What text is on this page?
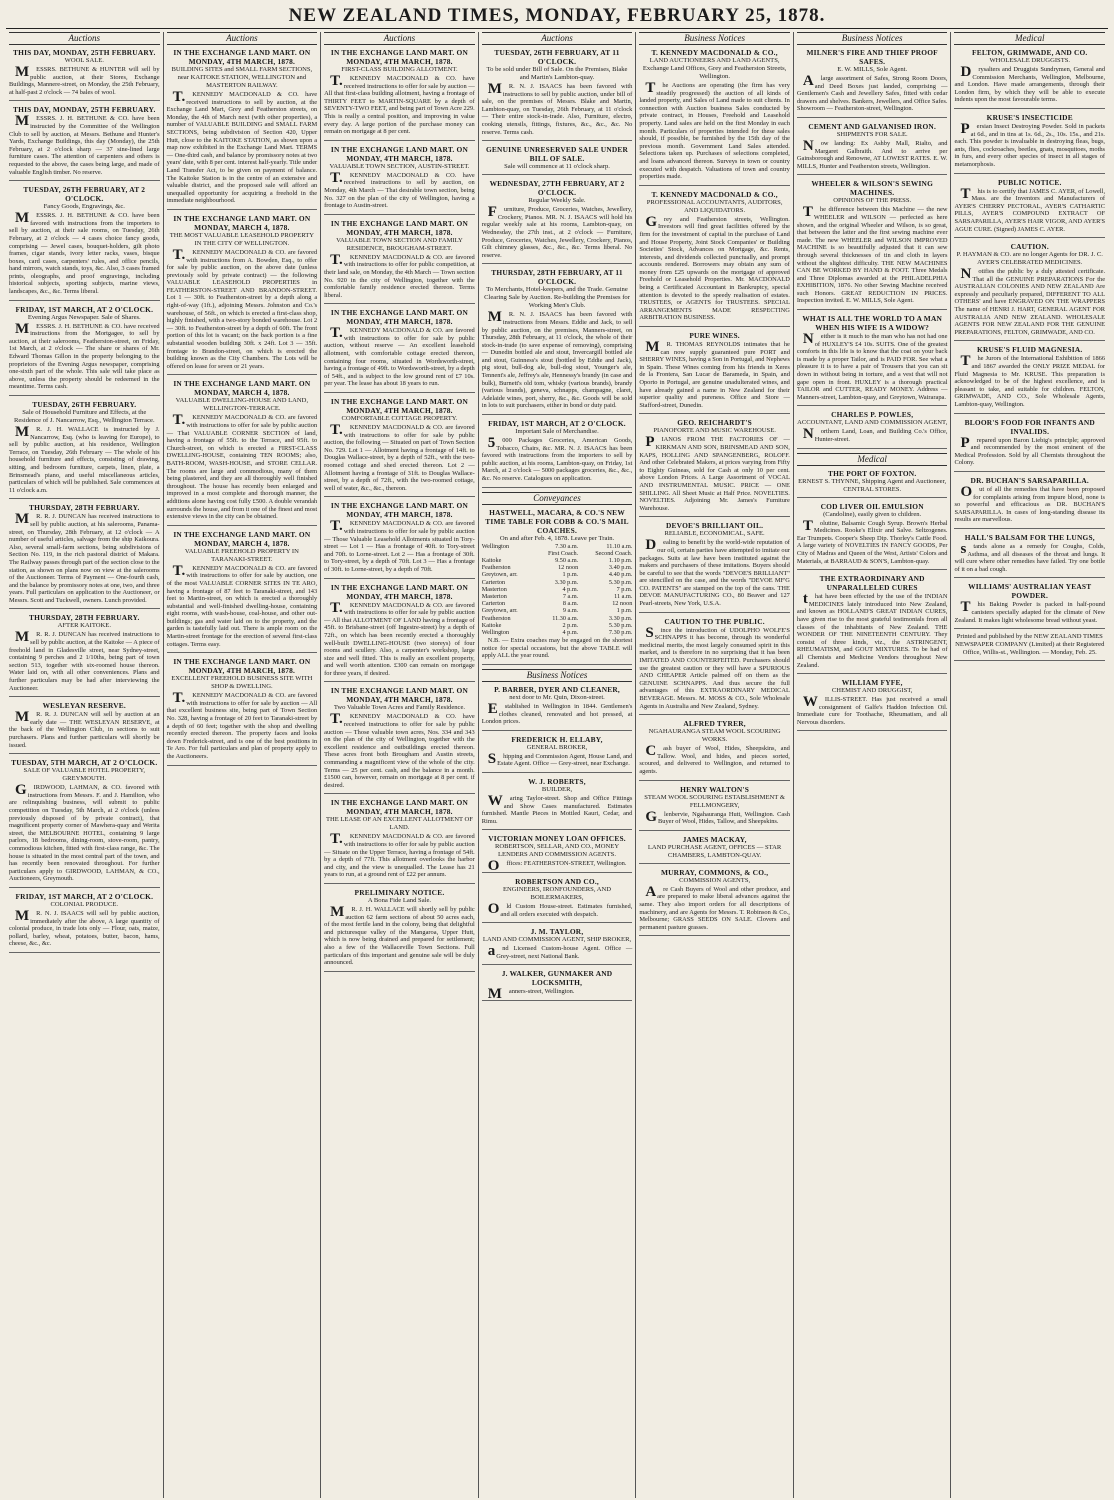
NEW ZEALAND TIMES, MONDAY, FEBRUARY 25, 1878.
Auctions
THIS DAY, MONDAY, 25TH FEBRUARY.
WOOL SALE.

MESSRS. BETHUNE & HUNTER will sell by public auction, at their Stores, Exchange Buildings, Mannere-street, on Monday, the 25th February, at half-past 2 o'clock — 74 bales of wool.

THIS DAY, MONDAY, 25TH FEBRUARY.

MESSRS. J. H. BETHUNE & CO. have been instructed by the Committee of the Wellington Club to sell by auction, at Messrs. Bethune and Hunter's Yards, Exchange Buildings, this day (Monday), the 25th February, at 2 o'clock sharp — 37 sine-lined large furniture cases. The attention of carpenters and others is requested to the above, the cases being large, and made of valuable English timber. No reserve.

TUESDAY, 26TH FEBRUARY, AT 2 O'CLOCK.
Fancy Goods, Engravings, &c.

MESSRS. J. H. BETHUNE & CO. have been favored with instructions from the importers to sell by auction, at their sale rooms, on Tuesday, 26th February, at 2 o'clock — 4 cases choice fancy goods, comprising — Jewel cases, bouquet-holders, gilt photo frames, cigar stands, ivory letter racks, vases, bisque boxes, card cases, carpenters' rules, and office pencils, hand mirrors, watch stands, toys, &c. Also, 3 cases framed prints, oleographs, and proof engravings, including historical subjects, sporting subjects, marine views, landscapes, &c., &c. Terms liberal.

FRIDAY, 1ST MARCH, AT 2 O'CLOCK.
Evening Argus Newspaper. Sale of Shares.

MESSRS. J. H. BETHUNE & CO. have received instructions from the Mortgagee, to sell by auction, at their salerooms, Featherston-street, on Friday, 1st March, at 2 o'clock — The share or shares of Mr. Edward Thomas Gillon in the property belonging to the proprietors of the Evening Argus newspaper, comprising one-sixth part of the whole. This sale will take place as above, unless the property should be redeemed in the meantime. Terms cash.

TUESDAY, 26TH FEBRUARY.
Sale of Household Furniture and Effects, at the Residence of J. Nancarrow, Esq., Wellington Terrace.

MR. J. H. WALLACE is instructed by J. Nancarrow, Esq. (who is leaving for Europe), to sell by public auction, at his residence, Wellington Terrace, on Tuesday, 26th February — The whole of his household furniture and effects, consisting of drawing, sitting, and bedroom furniture, carpets, linen, plate, a Brinsmead's piano, and useful miscellaneous articles, particulars of which will be published. Sale commences at 11 o'clock a.m.

THURSDAY, 28TH FEBRUARY.

MR. R. J. DUNCAN has received instructions to sell by public auction, at his salerooms, Panama-street, on Thursday, 28th February, at 12 o'clock — A number of useful articles, salvage from the ship Kaikoura. Also, several small-farm sections, being subdivisions of Section No. 119, in the rich pastoral district of Makara. The Railway passes through part of the section close to the station, as shown on plans now on view at the salerooms of the Auctioneer. Terms of Payment — One-fourth cash, and the balance by promissory notes at one, two, and three years. Full particulars on application to the Auctioneer, or Messrs. Scott and Tuckwell, owners. Lunch provided.

THURSDAY, 28TH FEBRUARY.
AFTER KAITOKE.

MR. R. J. DUNCAN has received instructions to sell by public auction, at the Kaitoke — A piece of freehold land in Gladesville street, near Sydney-street, containing 9 perches and 2 1/10ths, being part of town section 513, together with six-roomed house thereon. Water laid on, with all other conveniences. Plans and further particulars may be had after interviewing the Auctioneer.

WESLEYAN RESERVE.

MR. R. J. DUNCAN will sell by auction at an early date — THE WESLEYAN RESERVE, at the back of the Wellington Club, in sections to suit purchasers. Plans and further particulars will shortly be issued.

TUESDAY, 5TH MARCH, AT 2 O'CLOCK.
SALE OF VALUABLE HOTEL PROPERTY, GREYMOUTH.

GIRDWOOD, LAHMAN, & CO. favored with instructions from Messrs. F. and J. Hamilton, who are relinquishing business, will submit to public competition on Tuesday, 5th March, at 2 o'clock (unless previously disposed of by private contract), that magnificent property corner of Mawhera-quay and Werita street, the MELBOURNE HOTEL, containing 9 large parlors, 18 bedrooms, dining-room, stove-room, pantry, commodious kitchen, fitted with first-class range, &c. The house is situated in the most central part of the town, and has recently been renovated throughout. For further particulars apply to GIRDWOOD, LAHMAN, & CO., Auctioneers, Greymouth.

FRIDAY, 1ST MARCH, AT 2 O'CLOCK.
COLONIAL PRODUCE.

MR. N. J. ISAACS will sell by public auction, immediately after the above, A large quantity of colonial produce, in trade lots only — Flour, oats, maize, pollard, barley, wheat, potatoes, butter, bacon, hams, cheese, &c., &c.

Auctions
IN THE EXCHANGE LAND MART. ON MONDAY, 4TH MARCH, 1878.
BUILDING SITES and SMALL FARM SECTIONS, near KAITOKE STATION, WELLINGTON and MASTERTON RAILWAY.

T.KENNEDY MACDONALD & CO. have received instructions to sell by auction, at the Exchange Land Mart, Grey and Featherston streets, on Monday, the 4th of March next (with other properties), a number of VALUABLE BUILDING and SMALL FARM SECTIONS, being subdivision of Section 420, Upper Hutt, close to the KAITOKE STATION, as shown upon a map now exhibited in the Exchange Land Mart. TERMS — One-third cash, and balance by promissory notes at two years' date, with 8 per cent. interest half-yearly. Title under Land Transfer Act, to be given on payment of balance. The Kaitoke Station is in the centre of an extensive and valuable district, and the proposed sale will afford an unequalled opportunity for acquiring a freehold in the immediate neighbourhood.

IN THE EXCHANGE LAND MART. ON MONDAY, MARCH 4, 1878.
THE MOST VALUABLE LEASEHOLD PROPERTY IN THE CITY OF WELLINGTON.

T.KENNEDY MACDONALD & CO. are favored with instructions from A. Bowden, Esq., to offer for sale by public auction, on the above date (unless previously sold by private contract) — the following VALUABLE LEASEHOLD PROPERTIES in FEATHERSTON-STREET AND BRANDON-STREET. Lot 1 — 30ft. to Featherston-street by a depth along a right-of-way (1ft.), adjoining Messrs. Johnston and Co.'s warehouse, of 56ft., on which is erected a first-class shop, highly finished, with a two-story bonded warehouse. Lot 2 — 30ft. to Featherston-street by a depth of 60ft. The front portion of this lot is vacant; on the back portion is a fine substantial wooden building 30ft. x 24ft. Lot 3 — 35ft. frontage to Brandon-street, on which is erected the building known as the City Chambers. The Lots will be offered on lease for seven or 21 years.

IN THE EXCHANGE LAND MART. ON MONDAY, MARCH 4, 1878.
VALUABLE DWELLING-HOUSE AND LAND, WELLINGTON-TERRACE.

T.KENNEDY MACDONALD & CO. are favored with instructions to offer for sale by public auction — That VALUABLE CORNER SECTION of land, having a frontage of 55ft. to the Terrace, and 95ft. to Church-street, on which is erected a FIRST-CLASS DWELLING-HOUSE, containing TEN ROOMS; also, BATH-ROOM, WASH-HOUSE, and STORE CELLAR. The rooms are large and commodious, many of them being plastered, and they are all thoroughly well finished throughout. The house has recently been enlarged and improved in a most complete and thorough manner, the additions alone having cost fully £500. A double verandah surrounds the house, and from it one of the finest and most extensive views in the city can be obtained.

IN THE EXCHANGE LAND MART. ON MONDAY, MARCH 4, 1878.
VALUABLE FREEHOLD PROPERTY IN TARANAKI-STREET.

T.KENNEDY MACDONALD & CO. are favored with instructions to offer for sale by auction, one of the most VALUABLE CORNER SITES IN TE ARO, having a frontage of 87 feet to Taranaki-street, and 143 feet to Martin-street, on which is erected a thoroughly substantial and well-finished dwelling-house, containing eight rooms, with wash-house, coal-house, and other out-buildings; gas and water laid on to the property, and the garden is tastefully laid out. There is ample room on the Martin-street frontage for the erection of several first-class cottages. Terms easy.

IN THE EXCHANGE LAND MART. ON MONDAY, 4TH MARCH, 1878.
EXCELLENT FREEHOLD BUSINESS SITE WITH SHOP & DWELLING.

T.KENNEDY MACDONALD & CO. are favored with instructions to offer for sale by auction — All that excellent business site, being part of Town Section No. 328, having a frontage of 20 feet to Taranaki-street by a depth of 60 feet; together with the shop and dwelling recently erected thereon. The property faces and looks down Frederick-street, and is one of the best positions in Te Aro. For full particulars and plan of property apply to the Auctioneers.

Auctions
IN THE EXCHANGE LAND MART. ON MONDAY, 4TH MARCH, 1878.
FIRST-CLASS BUILDING ALLOTMENT.

T.KENNEDY MACDONALD & CO. have received instructions to offer for sale by auction — All that first-class building allotment, having a frontage of THIRTY FEET to MARTIN-SQUARE by a depth of SEVENTY-TWO FEET, and being part of Town Acre 229. This is really a central position, and improving in value every day. A large portion of the purchase money can remain on mortgage at 8 per cent.

IN THE EXCHANGE LAND MART. ON MONDAY, 4TH MARCH, 1878.
VALUABLE TOWN SECTION, AUSTIN-STREET.

T.KENNEDY MACDONALD & CO. have received instructions to sell by auction, on Monday, 4th March — That desirable town section, being No. 327 on the plan of the city of Wellington, having a frontage to Austin-street.

IN THE EXCHANGE LAND MART. ON MONDAY, 4TH MARCH, 1878.
VALUABLE TOWN SECTION AND FAMILY RESIDENCE, BROUGHAM-STREET.

T.KENNEDY MACDONALD & CO. are favored with instructions to offer for public competition, at their land sale, on Monday, the 4th March — Town section No. 920 in the city of Wellington, together with the comfortable family residence erected thereon. Terms liberal.

IN THE EXCHANGE LAND MART. ON MONDAY, 4TH MARCH, 1878.

T.KENNEDY MACDONALD & CO. are favored with instructions to offer for sale by public auction, without reserve — An excellent leasehold allotment, with comfortable cottage erected thereon, containing four rooms, situated in Wordsworth-street, having a frontage of 49ft. to Wordsworth-street, by a depth of 54ft., and is subject to the low ground rent of £7 10s. per year. The lease has about 18 years to run.

IN THE EXCHANGE LAND MART. ON MONDAY, 4TH MARCH, 1878.
COMFORTABLE COTTAGE PROPERTY.

T.KENNEDY MACDONALD & CO. are favored with instructions to offer for sale by public auction, the following — Situated on part of Town Section No. 729. Lot 1 — Allotment having a frontage of 14ft. to Douglas Wallace-street, by a depth of 52ft., with the two-roomed cottage and shed erected thereon. Lot 2 — Allotment having a frontage of 31ft. to Douglas Wallace-street, by a depth of 72ft., with the two-roomed cottage, well of water, &c., &c., thereon.

IN THE EXCHANGE LAND MART. ON MONDAY, 4TH MARCH, 1878.

T.KENNEDY MACDONALD & CO. are favored with instructions to offer for sale by public auction — Those Valuable Leasehold Allotments situated in Tory-street — Lot 1 — Has a frontage of 40ft. to Tory-street and 70ft. to Lorne-street. Lot 2 — Has a frontage of 30ft. to Tory-street, by a depth of 70ft. Lot 3 — Has a frontage of 30ft. to Lorne-street, by a depth of 70ft.

IN THE EXCHANGE LAND MART. ON MONDAY, 4TH MARCH, 1878.

T.KENNEDY MACDONALD & CO. are favored with instructions to offer for sale by public auction — All that ALLOTMENT OF LAND having a frontage of 45ft. to Brisbane-street (off Ingestre-street) by a depth of 72ft., on which has been recently erected a thoroughly well-built DWELLING-HOUSE (two storeys) of four rooms and scullery. Also, a carpenter's workshop, large size and well fitted. This is really an excellent property, and well worth attention. £300 can remain on mortgage for three years, if desired.

IN THE EXCHANGE LAND MART. ON MONDAY, 4TH MARCH, 1878.
Two Valuable Town Acres and Family Residence.

T.KENNEDY MACDONALD & CO. have received instructions to offer for sale by public auction — Those valuable town acres, Nos. 334 and 343 on the plan of the city of Wellington, together with the excellent residence and outbuildings erected thereon. These acres front both Brougham and Austin streets, commanding a magnificent view of the whole of the city. Terms — 25 per cent. cash, and the balance in a month. £1500 can, however, remain on mortgage at 8 per cent. if desired.

IN THE EXCHANGE LAND MART. ON MONDAY, 4TH MARCH, 1878.
THE LEASE OF AN EXCELLENT ALLOTMENT OF LAND.

T.KENNEDY MACDONALD & CO. are favored with instructions to offer for sale by public auction — Situate on the Upper Terrace, having a frontage of 54ft. by a depth of 77ft. This allotment overlooks the harbor and city, and the view is unequalled. The Lease has 21 years to run, at a ground rent of £22 per annum.

PRELIMINARY NOTICE.
A Bona Fide Land Sale.

MR. J. H. WALLACE will shortly sell by public auction 62 farm sections of about 50 acres each, of the most fertile land in the colony, being that delightful and picturesque valley of the Mangaroa, Upper Hutt, which is now being drained and prepared for settlement; also a few of the Wallaceville Town Sections. Full particulars of this important and genuine sale will be duly announced.

Auctions
TUESDAY, 26TH FEBRUARY, AT 11 O'CLOCK.
To be sold under Bill of Sale. On the Premises, Blake and Martin's Lambton-quay.

MR. N. J. ISAACS has been favored with instructions to sell by public auction, under bill of sale, on the premises of Messrs. Blake and Martin, Lambton-quay, on Tuesday, 26th February, at 11 o'clock — Their entire stock-in-trade. Also, Furniture, electro, cooking utensils, fittings, fixtures, &c., &c., &c. No reserve. Terms cash.

GENUINE UNRESERVED SALE UNDER BILL OF SALE.
Sale will commence at 11 o'clock sharp.
WEDNESDAY, 27TH FEBRUARY, AT 2 O'CLOCK.
Regular Weekly Sale.

Furniture, Produce, Groceries, Watches, Jewellery, Crockery, Pianos. MR. N. J. ISAACS will hold his regular weekly sale at his rooms, Lambton-quay, on Wednesday, the 27th inst., at 2 o'clock — Furniture, Produce, Groceries, Watches, Jewellery, Crockery, Pianos, Gilt chimney glasses, &c., &c., &c. Terms liberal. No reserve.

THURSDAY, 28TH FEBRUARY, AT 11 O'CLOCK.
To Merchants, Hotel-keepers, and the Trade. Genuine Clearing Sale by Auction. Re-building the Premises for Working Men's Club.

MR. N. J. ISAACS has been favored with instructions from Messrs. Eddie and Jack, to sell by public auction, on the premises, Manners-street, on Thursday, 28th February, at 11 o'clock, the whole of their stock-in-trade (to save expense of removing), comprising — Dunedin bottled ale and stout, Invercargill bottled ale and stout, Guinness's stout (bottled by Eddie and Jack), pig stout, bull-dog ale, bull-dog stout, Younger's ale, Tennent's ale, Jeffrey's ale, Hennessy's brandy (in case and bulk), Burnett's old tom, whisky (various brands), brandy (various brands), geneva, schnapps, champagne, claret, Adelaide wines, port, sherry, &c., &c. Goods will be sold in lots to suit purchasers, either in bond or duty paid.

FRIDAY, 1ST MARCH, AT 2 O'CLOCK.
Important Sale of Merchandise.

5000 Packages Groceries, American Goods, Tobacco, Chairs, &c. MR. N. J. ISAACS has been favored with instructions from the importers to sell by public auction, at his rooms, Lambton-quay, on Friday, 1st March, at 2 o'clock — 5000 packages groceries, &c., &c., &c. No reserve. Catalogues on application.

Conveyances
HASTWELL, MACARA, & CO.'S NEW TIME TABLE FOR COBB & CO.'S MAIL COACHES.
On and after Feb. 4, 1878. Leave per Train.
Wellington	7.30 a.m.	11.10 a.m.
	First Coach.	Second Coach.
Kaitoke	9.50 a.m.	1.10 p.m.
Featherston	12 noon	3.40 p.m.
Greytown, arr.	1 p.m.	4.40 p.m.
Carterton	3.30 p.m.	5.30 p.m.
Masterton	4 p.m.	7 p.m.
Masterton	7 a.m.	11 a.m.
Carterton	8 a.m.	12 noon
Greytown, arr.	9 a.m.	1 p.m.
Featherston	11.30 a.m.	3.30 p.m.
Kaitoke	2 p.m.	5.30 p.m.
Wellington	4 p.m.	7.30 p.m.

N.B. — Extra coaches may be engaged on the shortest notice for special occasions, but the above TABLE will apply ALL the year round.

Business Notices
P. BARBER, DYER AND CLEANER,
next door to Mr. Quin, Dixon-street.

Established in Wellington in 1844. Gentlemen's clothes cleaned, renovated and hot pressed, at London prices.

FREDERICK H. ELLABY,
GENERAL BROKER,

Shipping and Commission Agent, House Land, and Estate Agent. Office — Grey-street, near Exchange.

W. J. ROBERTS,
BUILDER,

Waring Taylor-street. Shop and Office Fittings and Show Cases manufactured. Estimates furnished. Mantle Pieces in Mottled Kauri, Cedar, and Rimu.

VICTORIAN MONEY LOAN OFFICES.
ROBERTSON, SELLAR, AND CO., MONEY LENDERS AND COMMISSION AGENTS.

Offices: FEATHERSTON-STREET, Wellington.

ROBERTSON AND CO.,
ENGINEERS, IRONFOUNDERS, AND BOILERMAKERS,

Old Custom House-street. Estimates furnished, and all orders executed with despatch.

J. M. TAYLOR,
LAND AND COMMISSION AGENT, SHIP BROKER,

and Licensed Custom-house Agent. Office — Grey-street, next National Bank.

J. WALKER, GUNMAKER AND LOCKSMITH,

Manners-street, Wellington.

Business Notices
T. KENNEDY MACDONALD & CO.,
LAND AUCTIONEERS AND LAND AGENTS, Exchange Land Offices, Grey and Featherston Streets, Wellington.

The Auctions are operating (the firm has very steadily progressed) the auction of all kinds of landed property, and Sales of Land made to suit clients. In connection with Auction business Sales conducted by private contract, in Houses, Freehold and Leasehold property. Land sales are held on the first Monday in each month. Particulars of properties intended for these sales should, if possible, be furnished by the 15th day of the previous month. Government Land Sales attended. Selections taken up. Purchases of selections completed, and loans advanced thereon. Surveys in town or country executed with despatch. Valuations of town and country properties made.

T. KENNEDY MACDONALD & CO.,
PROFESSIONAL ACCOUNTANTS, AUDITORS, AND LIQUIDATORS.

Grey and Featherston streets, Wellington. Investors will find great facilities offered by the firm for the investment of capital in the purchase of Land and House Property, Joint Stock Companies' or Building Societies' Stock, Advances on Mortgage, &c. Rents, interests, and dividends collected punctually, and prompt accounts rendered. Borrowers may obtain any sum of money from £25 upwards on the mortgage of approved Freehold or Leasehold Properties. Mr. MACDONALD being a Certificated Accountant in Bankruptcy, special attention is devoted to the speedy realisation of estates. TRUSTEES, or AGENTS for TRUSTEES. SPECIAL ARRANGEMENTS MADE RESPECTING ARBITRATION BUSINESS.

PURE WINES.

MR. THOMAS REYNOLDS intimates that he can now supply guaranteed pure PORT and SHERRY WINES, having a Son in Portugal, and Nephews in Spain. These Wines coming from his friends in Xeres de la Frontera, San Lucar de Barameda, in Spain, and Oporto in Portugal, are genuine unadulterated wines, and have already gained a name in New Zealand for their superior quality and pureness. Office and Store — Stafford-street, Dunedin.

GEO. REICHARDT'S
PIANOFORTE AND MUSIC WAREHOUSE.

PIANOS FROM THE FACTORIES OF — KIRKMAN AND SON, BRINSMEAD AND SON, KAPS, HOLLING AND SPANGENBERG, ROLOFF. And other Celebrated Makers, at prices varying from Fifty to Eighty Guineas, sold for Cash at only 10 per cent. above London Prices. A Large Assortment of VOCAL AND INSTRUMENTAL MUSIC. PRICE — ONE SHILLING. All Sheet Music at Half Price. NOVELTIES. NOVELTIES. Adjoining Mr. James's Furniture Warehouse.

DEVOE'S BRILLIANT OIL.
RELIABLE, ECONOMICAL, SAFE.

Dealing to benefit by the world-wide reputation of our oil, certain parties have attempted to imitate our packages. Suits at law have been instituted against the makers and purchasers of these imitations. Buyers should be careful to see that the words "DEVOE'S BRILLIANT" are stencilled on the case, and the words "DEVOE MF'G CO. PATENTS" are stamped on the top of the cans. THE DEVOE MANUFACTURING CO., 80 Beaver and 127 Pearl-streets, New York, U.S.A.

CAUTION TO THE PUBLIC.

Since the introduction of UDOLPHO WOLFE'S SCHNAPPS it has become, through its wonderful medicinal merits, the most largely consumed spirit in this market, and is therefore in no surprising that it has been IMITATED AND COUNTERFEITED. Purchasers should use the greatest caution or they will have a SPURIOUS AND CHEAPER Article palmed off on them as the GENUINE SCHNAPPS. And thus secure the full advantages of this EXTRAORDINARY MEDICAL BEVERAGE. Messrs. M. MOSS & CO., Sole Wholesale Agents in Australia and New Zealand, Sydney.

ALFRED TYRER,
NGAHAURANGA STEAM WOOL SCOURING WORKS.

Cash buyer of Wool, Hides, Sheepskins, and Tallow. Wool, and hides, and pieces sorted, scoured, and delivered to Wellington, and returned to agents.

HENRY WALTON'S
STEAM WOOL SCOURING ESTABLISHMENT & FELLMONGERY,

Glenbervie, Ngahauranga Hutt, Wellington. Cash Buyer of Wool, Hides, Tallow, and Sheepskins.

JAMES MACKAY,
LAND PURCHASE AGENT, OFFICES — STAR CHAMBERS, LAMBTON-QUAY.
MURRAY, COMMONS, & CO.,
COMMISSION AGENTS,

Are Cash Buyers of Wool and other produce, and are prepared to make liberal advances against the same. They also import orders for all descriptions of machinery, and are Agents for Messrs. T. Robinson & Co., Melbourne; GRASS SEEDS ON SALE. Clovers and permanent pasture grasses.

Business Notices
MILNER'S FIRE AND THIEF PROOF SAFES.
E. W. MILLS, Sole Agent.

Alarge assortment of Safes, Strong Room Doors, and Deed Boxes just landed, comprising — Gentlemen's Cash and Jewellery Safes, fitted with cedar drawers and shelves. Bankers, Jewellers, and Office Safes. Showroom — Featherston-street, Wellington.

CEMENT AND GALVANISED IRON.
SHIPMENTS FOR SALE.

Now landing: Ex Ashby Mall, Rialto, and Margaret Galbraith. And to arrive per Gainsborough and Renowne, AT LOWEST RATES. E. W. MILLS, Hunter and Featherston streets, Wellington.

WHEELER & WILSON'S SEWING MACHINES.
OPINIONS OF THE PRESS.

The difference between this Machine — the new WHEELER and WILSON — perfected as here shown, and the original Wheeler and Wilson, is so great, that between the latter and the first sewing machine ever made. The new WHEELER and WILSON IMPROVED MACHINE is so beautifully adjusted that it can sew through several thicknesses of tin and cloth in layers without the slightest difficulty. THE NEW MACHINES CAN BE WORKED BY HAND & FOOT. Three Medals and Three Diplomas awarded at the PHILADELPHIA EXHIBITION, 1876. No other Sewing Machine received such Honors. GREAT REDUCTION IN PRICES. Inspection invited. E. W. MILLS, Sole Agent.

WHAT IS ALL THE WORLD TO A MAN WHEN HIS WIFE IS A WIDOW?

Neither is it much to the man who has not had one of HUXLEY'S £4 10s. SUITS. One of the greatest comforts in this life is to know that the coat on your back is made by a proper Tailor, and is PAID FOR. See what a pleasure it is to have a pair of Trousers that you can sit down in without being in torture, and a vest that will not gape open in front. HUXLEY is a thorough practical TAILOR and CUTTER, READY MONEY. Address — Manners-street, Lambton-quay, and Greytown, Wairarapa.

CHARLES P. POWLES,
ACCOUNTANT, LAND AND COMMISSION AGENT,

Northern Land, Loan, and Building Co.'s Office, Hunter-street.

Medical
THE PORT OF FOXTON.
ERNEST S. THYNNE, Shipping Agent and Auctioneer, CENTRAL STORES.
COD LIVER OIL EMULSION
(Candoline), easily given to children.

Tolutine, Balsamic Cough Syrup. Brown's Herbal Medicines. Rooke's Elixir and Salve. Seltzogenes. Ear Trumpets. Cooper's Sheep Dip. Thorley's Cattle Food. A large variety of NOVELTIES IN FANCY GOODS, Per City of Madras and Queen of the West, Artists' Colors and Materials, at BARRAUD & SON'S, Lambton-quay.

THE EXTRAORDINARY AND UNPARALLELED CURES

that have been effected by the use of the INDIAN MEDICINES lately introduced into New Zealand, and known as HOLLAND'S GREAT INDIAN CURES, have given rise to the most grateful testimonials from all classes of the inhabitants of New Zealand. THE WONDER OF THE NINETEENTH CENTURY. They consist of three kinds, viz., the ASTRINGENT, RHEUMATISM, and GOUT MIXTURES. To be had of all Chemists and Medicine Vendors throughout New Zealand.

WILLIAM FYFE,
CHEMIST AND DRUGGIST,

WILLIS-STREET. Has just received a small consignment of Galfe's Haddon Infection Oil. Immediate cure for Toothache, Rheumatism, and all Nervous disorders.

Medical
FELTON, GRIMWADE, AND CO.
WHOLESALE DRUGGISTS.

Drysalters and Druggists Sundrymen, General and Commission Merchants, Wellington, Melbourne, and London. Have made arrangements, through their London firm, by which they will be able to execute indents upon the most favourable terms.

KRUSE'S INSECTICIDE

Persian Insect Destroying Powder. Sold in packets at 6d., and in tins at 1s. 6d., 2s., 10s. 15s., and 21s. each. This powder is invaluable in destroying fleas, bugs, ants, flies, cockroaches, beetles, gnats, mosquitoes, moths in furs, and every other species of insect in all stages of metamorphosis.

PUBLIC NOTICE.

This is to certify that JAMES C. AYER, of Lowell, Mass. are the Inventors and Manufacturers of AYER'S CHERRY PECTORAL, AYER'S CATHARTIC PILLS, AYER'S COMPOUND EXTRACT OF SARSAPARILLA, AYER'S HAIR VIGOR, AND AYER'S AGUE CURE. (Signed) JAMES C. AYER.

CAUTION.
P. HAYMAN & CO. are no longer Agents for DR. J. C. AYER'S CELEBRATED MEDICINES.

Notifies the public by a duly attested certificate. That all the GENUINE PREPARATIONS For the AUSTRALIAN COLONIES AND NEW ZEALAND Are expressly and peculiarly prepared, DIFFERENT TO ALL OTHERS' and have ENGRAVED ON THE WRAPPERS The name of HENRI J. HART, GENERAL AGENT FOR AUSTRALIA AND NEW ZEALAND. WHOLESALE AGENTS FOR NEW ZEALAND FOR THE GENUINE PREPARATIONS, FELTON, GRIMWADE, AND CO.

KRUSE'S FLUID MAGNESIA.

The Jurors of the International Exhibition of 1866 and 1867 awarded the ONLY PRIZE MEDAL for Fluid Magnesia to Mr. KRUSE. This preparation is acknowledged to be of the highest excellence, and is pleasant to take, and suitable for children. FELTON, GRIMWADE, AND CO., Sole Wholesale Agents, Lambton-quay, Wellington.

BLOOR'S FOOD FOR INFANTS AND INVALIDS.

Prepared upon Baron Liebig's principle; approved and recommended by the most eminent of the Medical Profession. Sold by all Chemists throughout the Colony.

DR. BUCHAN'S SARSAPARILLA.

Out of all the remedies that have been proposed for complaints arising from impure blood, none is so powerful and efficacious as DR. BUCHAN'S SARSAPARILLA. In cases of long-standing disease its results are marvellous.

HALL'S BALSAM FOR THE LUNGS,

stands alone as a remedy for Coughs, Colds, Asthma, and all diseases of the throat and lungs. It will cure where other remedies have failed. Try one bottle of it on a bad cough.

WILLIAMS' AUSTRALIAN YEAST POWDER.

This Baking Powder is packed in half-pound canisters specially adapted for the climate of New Zealand. It makes light wholesome bread without yeast.

Printed and published by the NEW ZEALAND TIMES NEWSPAPER COMPANY (Limited) at their Registered Office, Willis-st., Wellington. — Monday, Feb. 25.
